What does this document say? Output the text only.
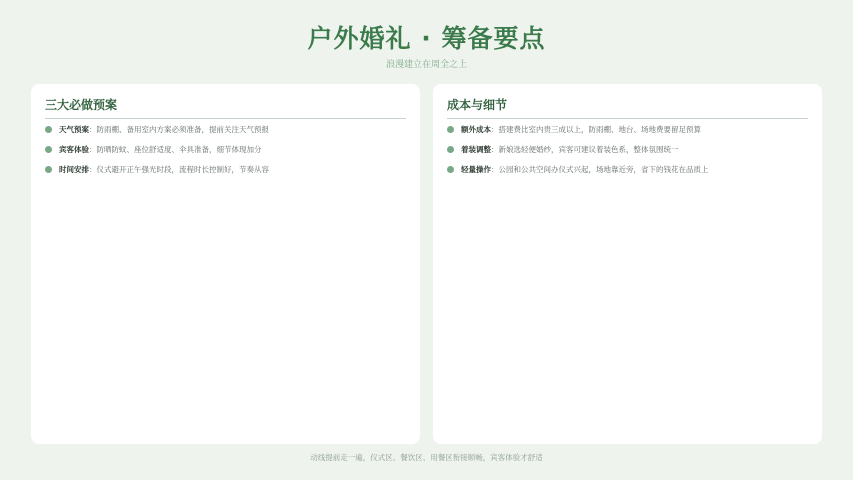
户外婚礼 · 筹备要点
浪漫建立在周全之上
三大必做预案
天气预案：防雨棚、备用室内方案必须准备，提前关注天气预报
宾客体验：防晒防蚊、座位舒适度、伞具准备，细节体现加分
时间安排：仪式避开正午强光时段，流程时长控制好，节奏从容
成本与细节
额外成本：搭建费比室内贵三成以上，防雨棚、地台、场地费要留足预算
着装调整：新娘选轻便婚纱，宾客可建议着装色系，整体氛围统一
轻量操作：公园和公共空间办仪式兴起，场地靠近旁，省下的钱花在品质上
动线提前走一遍，仪式区、餐饮区、用餐区衔接顺畅，宾客体验才舒适
